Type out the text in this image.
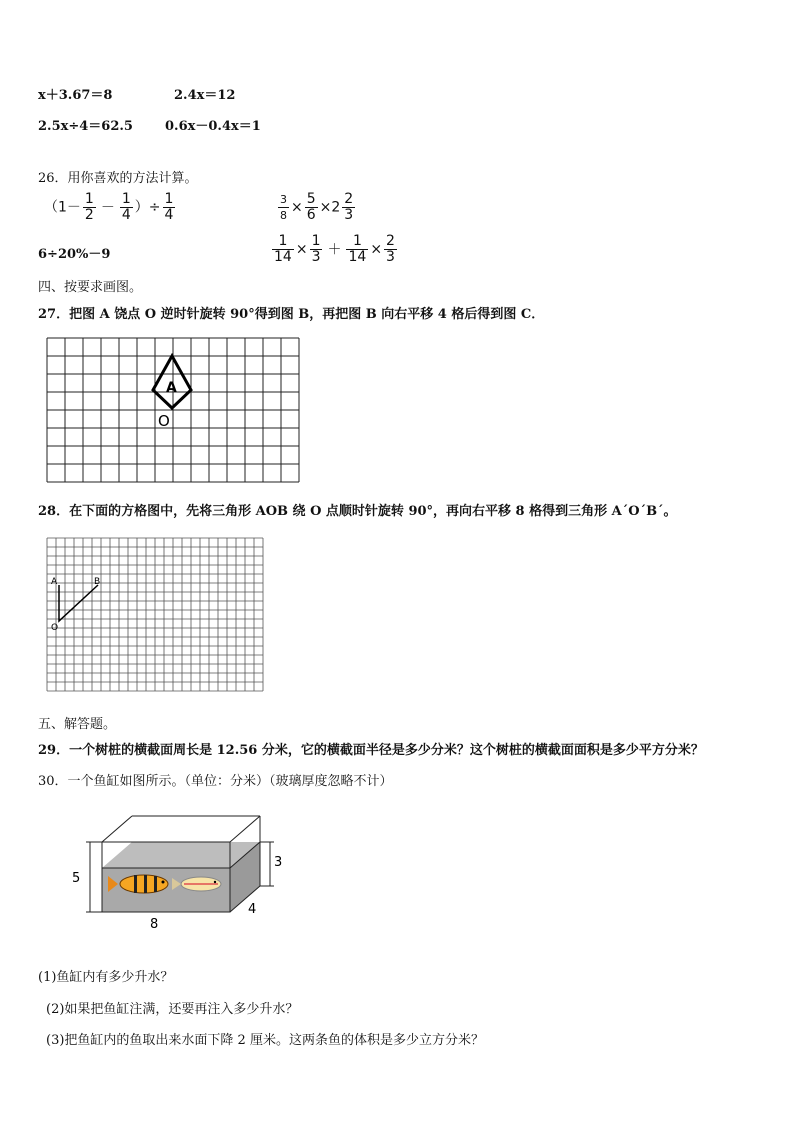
x＋3.67＝8	2.4x＝12
2.5x÷4＝62.5 0.6x－0.4x＝1
26．用你喜欢的方法计算。
（$1- \frac{1}{2} - \frac{1}{4}$ ）÷ $\frac{1}{4}$	$\frac{3}{8} \times \frac{5}{6} \times 2 \frac{2}{3}$
6÷20%－9	$\frac{1}{14} \times \frac{1}{3} + \frac{1}{14} \times \frac{2}{3}$
四、按要求画图。
27．把图 A 饶点 O 逆时针旋转 90°得到图 B，再把图 B 向右平移 4 格后得到图 C．
A
O
28．在下面的方格图中，先将三角形 AOB 绕 O 点顺时针旋转 90°，再向右平移 8 格得到三角形 A´O´B´。
A	B
O
五、解答题。
29．一个树桩的横截面周长是 12.56 分米，它的横截面半径是多少分米？这个树桩的横截面面积是多少平方分米？
30．一个鱼缸如图所示。（单位：分米）（玻璃厚度忽略不计）
5
3
8
4
(1)鱼缸内有多少升水？
(2)如果把鱼缸注满，还要再注入多少升水？
(3)把鱼缸内的鱼取出来水面下降 2 厘米。这两条鱼的体积是多少立方分米？
